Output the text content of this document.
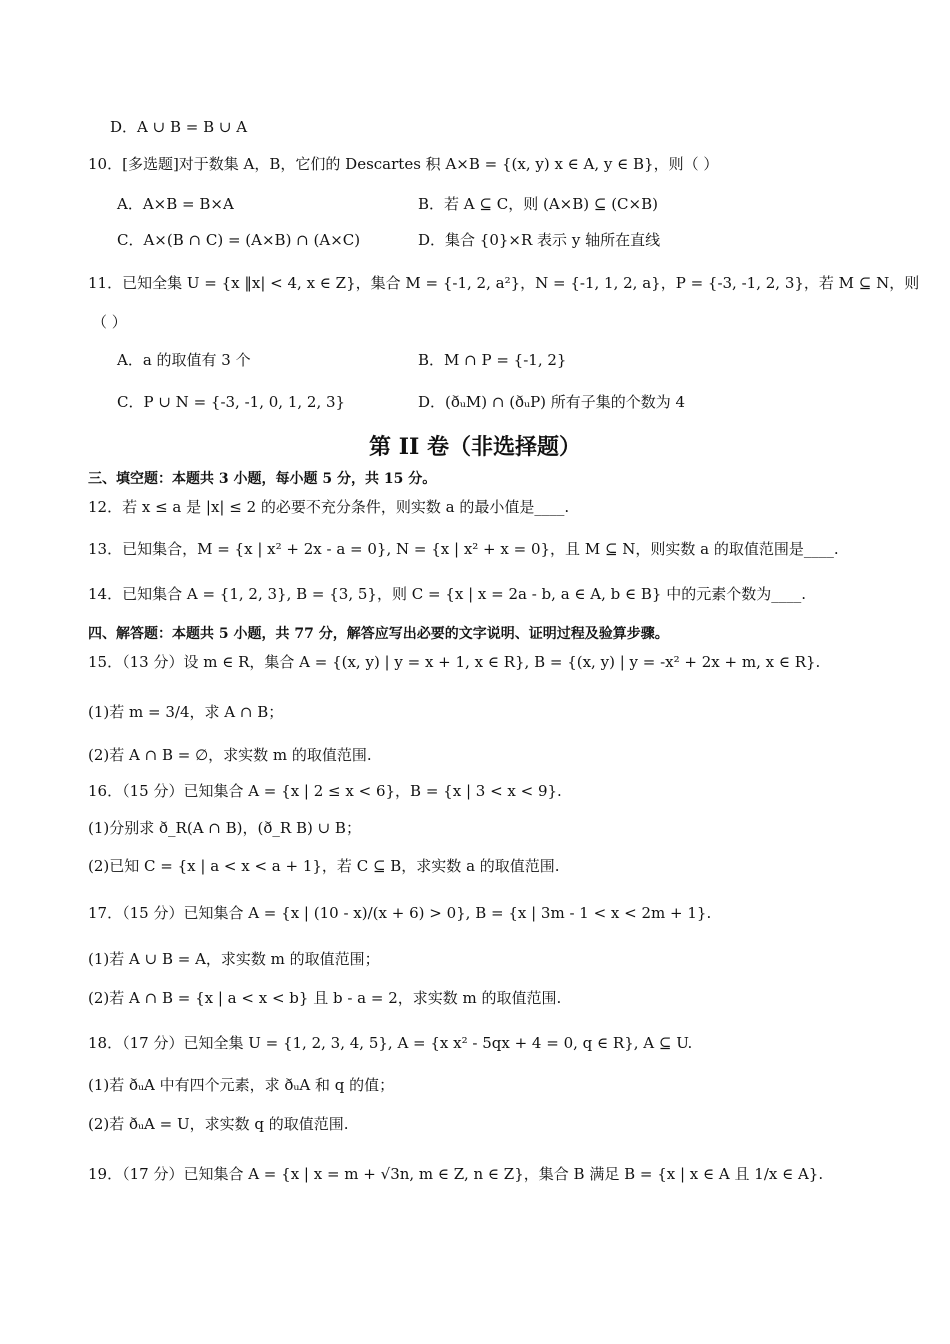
D．A ∪ B = B ∪ A
10．[多选题]对于数集 A，B，它们的 Descartes 积 A×B = {(x, y) x ∈ A, y ∈ B}，则（ ）
A．A×B = B×A	B．若 A ⊆ C，则 (A×B) ⊆ (C×B)
C．A×(B ∩ C) = (A×B) ∩ (A×C)	D．集合 {0}×R 表示 y 轴所在直线
11．已知全集 U = {x ‖x| < 4, x ∈ Z}，集合 M = {-1, 2, a²}，N = {-1, 1, 2, a}，P = {-3, -1, 2, 3}，若 M ⊆ N，则
（ ）
A．a 的取值有 3 个	B．M ∩ P = {-1, 2}
C．P ∪ N = {-3, -1, 0, 1, 2, 3}	D．(ðᵤM) ∩ (ðᵤP) 所有子集的个数为 4
第 II 卷（非选择题）
三、填空题：本题共 3 小题，每小题 5 分，共 15 分。
12．若 x ≤ a 是 |x| ≤ 2 的必要不充分条件，则实数 a 的最小值是____.
13．已知集合，M = {x | x² + 2x - a = 0}, N = {x | x² + x = 0}，且 M ⊆ N，则实数 a 的取值范围是____.
14．已知集合 A = {1, 2, 3}, B = {3, 5}，则 C = {x | x = 2a - b, a ∈ A, b ∈ B} 中的元素个数为____.
四、解答题：本题共 5 小题，共 77 分，解答应写出必要的文字说明、证明过程及验算步骤。
15．（13 分）设 m ∈ R，集合 A = {(x, y) | y = x + 1, x ∈ R}, B = {(x, y) | y = -x² + 2x + m, x ∈ R}.
(1)若 m = 3/4，求 A ∩ B；
(2)若 A ∩ B = ∅，求实数 m 的取值范围.
16．（15 分）已知集合 A = {x | 2 ≤ x < 6}，B = {x | 3 < x < 9}.
(1)分别求 ð_R(A ∩ B)，(ð_R B) ∪ B；
(2)已知 C = {x | a < x < a + 1}，若 C ⊆ B，求实数 a 的取值范围.
17．（15 分）已知集合 A = {x | (10 - x)/(x + 6) > 0}, B = {x | 3m - 1 < x < 2m + 1}.
(1)若 A ∪ B = A，求实数 m 的取值范围；
(2)若 A ∩ B = {x | a < x < b} 且 b - a = 2，求实数 m 的取值范围.
18．（17 分）已知全集 U = {1, 2, 3, 4, 5}, A = {x x² - 5qx + 4 = 0, q ∈ R}, A ⊆ U.
(1)若 ðᵤA 中有四个元素，求 ðᵤA 和 q 的值；
(2)若 ðᵤA = U，求实数 q 的取值范围.
19．（17 分）已知集合 A = {x | x = m + √3n, m ∈ Z, n ∈ Z}，集合 B 满足 B = {x | x ∈ A 且 1/x ∈ A}.
